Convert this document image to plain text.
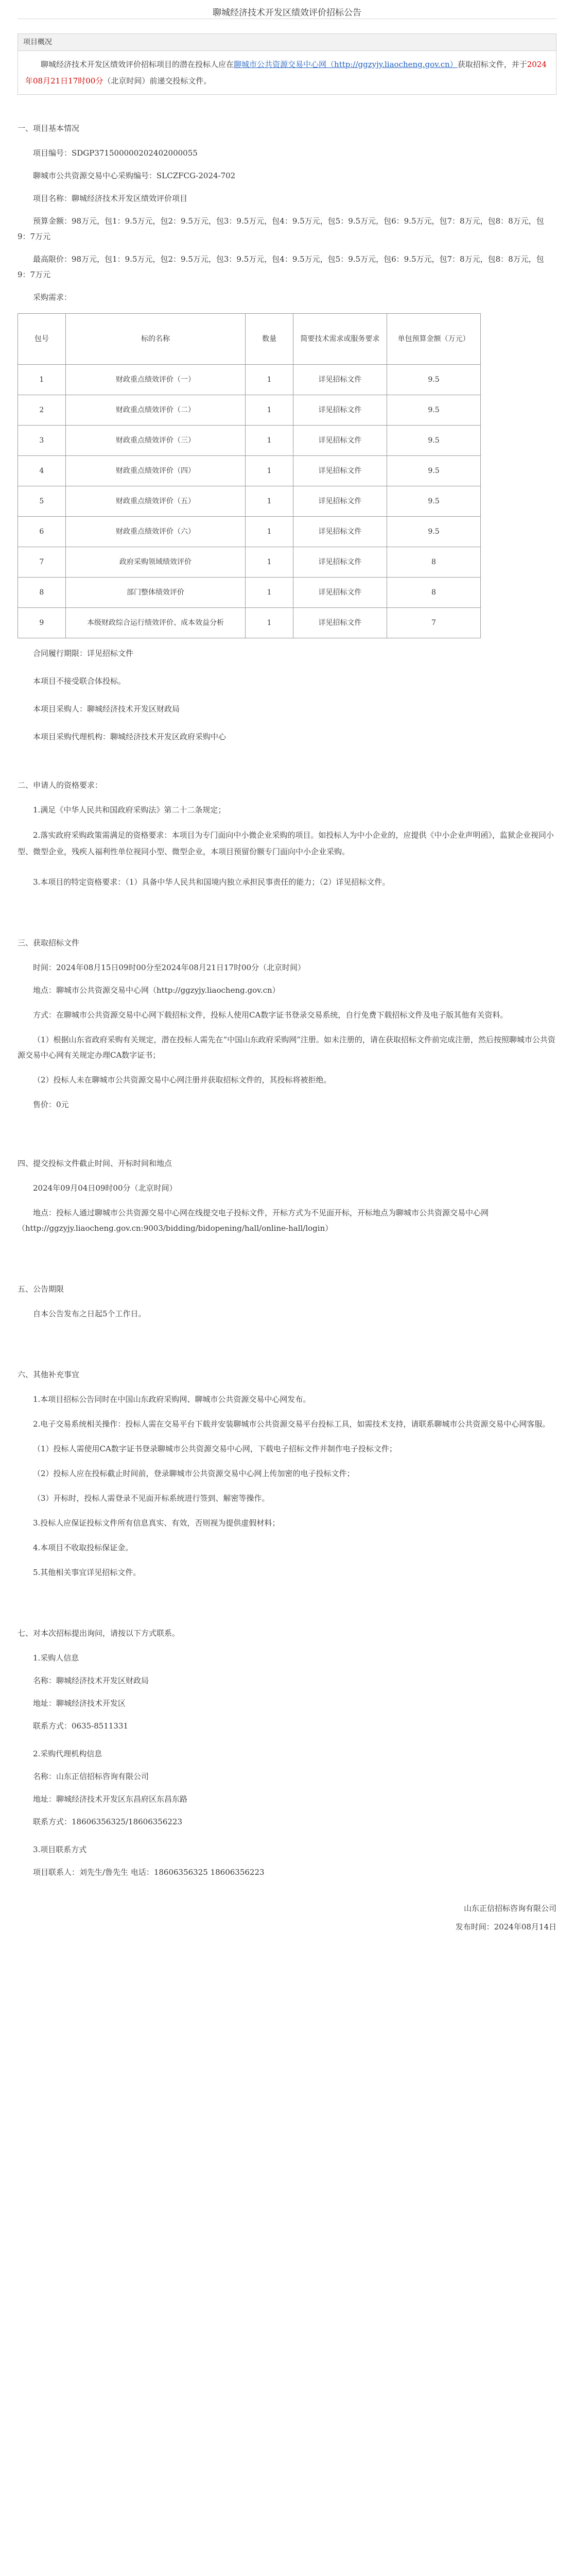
聊城经济技术开发区绩效评价招标公告
项目概况
聊城经济技术开发区绩效评价招标项目的潜在投标人应在聊城市公共资源交易中心网（http://ggzyjy.liaocheng.gov.cn）获取招标文件，并于2024年08月21日17时00分（北京时间）前递交投标文件。

一、项目基本情况

项目编号：SDGP371500000202402000055

聊城市公共资源交易中心采购编号：SLCZFCG-2024-702

项目名称：聊城经济技术开发区绩效评价项目

预算金额：98万元，包1：9.5万元，包2：9.5万元，包3：9.5万元，包4：9.5万元，包5：9.5万元，包6：9.5万元，包7：8万元，包8：8万元，包9：7万元

最高限价：98万元，包1：9.5万元，包2：9.5万元，包3：9.5万元，包4：9.5万元，包5：9.5万元，包6：9.5万元，包7：8万元，包8：8万元，包9：7万元

采购需求：

包号	标的名称	数量	简要技术需求或服务要求	单包预算金额（万元）
1	财政重点绩效评价（一）	1	详见招标文件	9.5
2	财政重点绩效评价（二）	1	详见招标文件	9.5
3	财政重点绩效评价（三）	1	详见招标文件	9.5
4	财政重点绩效评价（四）	1	详见招标文件	9.5
5	财政重点绩效评价（五）	1	详见招标文件	9.5
6	财政重点绩效评价（六）	1	详见招标文件	9.5
7	政府采购领域绩效评价	1	详见招标文件	8
8	部门整体绩效评价	1	详见招标文件	8
9	本级财政综合运行绩效评价、成本效益分析	1	详见招标文件	7

合同履行期限：详见招标文件

本项目不接受联合体投标。

本项目采购人：聊城经济技术开发区财政局

本项目采购代理机构：聊城经济技术开发区政府采购中心

二、申请人的资格要求：

1.满足《中华人民共和国政府采购法》第二十二条规定；

2.落实政府采购政策需满足的资格要求：本项目为专门面向中小微企业采购的项目。如投标人为中小企业的，应提供《中小企业声明函》，监狱企业视同小型、微型企业，残疾人福利性单位视同小型、微型企业，本项目预留份额专门面向中小企业采购。

3.本项目的特定资格要求：（1）具备中华人民共和国境内独立承担民事责任的能力；（2）详见招标文件。

三、获取招标文件

时间：2024年08月15日09时00分至2024年08月21日17时00分（北京时间）

地点：聊城市公共资源交易中心网（http://ggzyjy.liaocheng.gov.cn）

方式：在聊城市公共资源交易中心网下载招标文件，投标人使用CA数字证书登录交易系统，自行免费下载招标文件及电子版其他有关资料。

（1）根据山东省政府采购有关规定，潜在投标人需先在“中国山东政府采购网”注册。如未注册的，请在获取招标文件前完成注册，然后按照聊城市公共资源交易中心网有关规定办理CA数字证书；

（2）投标人未在聊城市公共资源交易中心网注册并获取招标文件的，其投标将被拒绝。

售价：0元

四、提交投标文件截止时间、开标时间和地点

2024年09月04日09时00分（北京时间）

地点：投标人通过聊城市公共资源交易中心网在线提交电子投标文件，开标方式为不见面开标，开标地点为聊城市公共资源交易中心网（http://ggzyjy.liaocheng.gov.cn:9003/bidding/bidopening/hall/online-hall/login）

五、公告期限

自本公告发布之日起5个工作日。

六、其他补充事宜

1.本项目招标公告同时在中国山东政府采购网、聊城市公共资源交易中心网发布。

2.电子交易系统相关操作：投标人需在交易平台下载并安装聊城市公共资源交易平台投标工具，如需技术支持，请联系聊城市公共资源交易中心网客服。

（1）投标人需使用CA数字证书登录聊城市公共资源交易中心网，下载电子招标文件并制作电子投标文件；

（2）投标人应在投标截止时间前，登录聊城市公共资源交易中心网上传加密的电子投标文件；

（3）开标时，投标人需登录不见面开标系统进行签到、解密等操作。

3.投标人应保证投标文件所有信息真实、有效，否则视为提供虚假材料；

4.本项目不收取投标保证金。

5.其他相关事宜详见招标文件。

七、对本次招标提出询问，请按以下方式联系。

1.采购人信息

名称：聊城经济技术开发区财政局

地址：聊城经济技术开发区

联系方式：0635-8511331

2.采购代理机构信息

名称：山东正信招标咨询有限公司

地址：聊城经济技术开发区东昌府区东昌东路

联系方式：18606356325/18606356223

3.项目联系方式

项目联系人：刘先生/鲁先生 电话：18606356325 18606356223

山东正信招标咨询有限公司

发布时间：2024年08月14日
